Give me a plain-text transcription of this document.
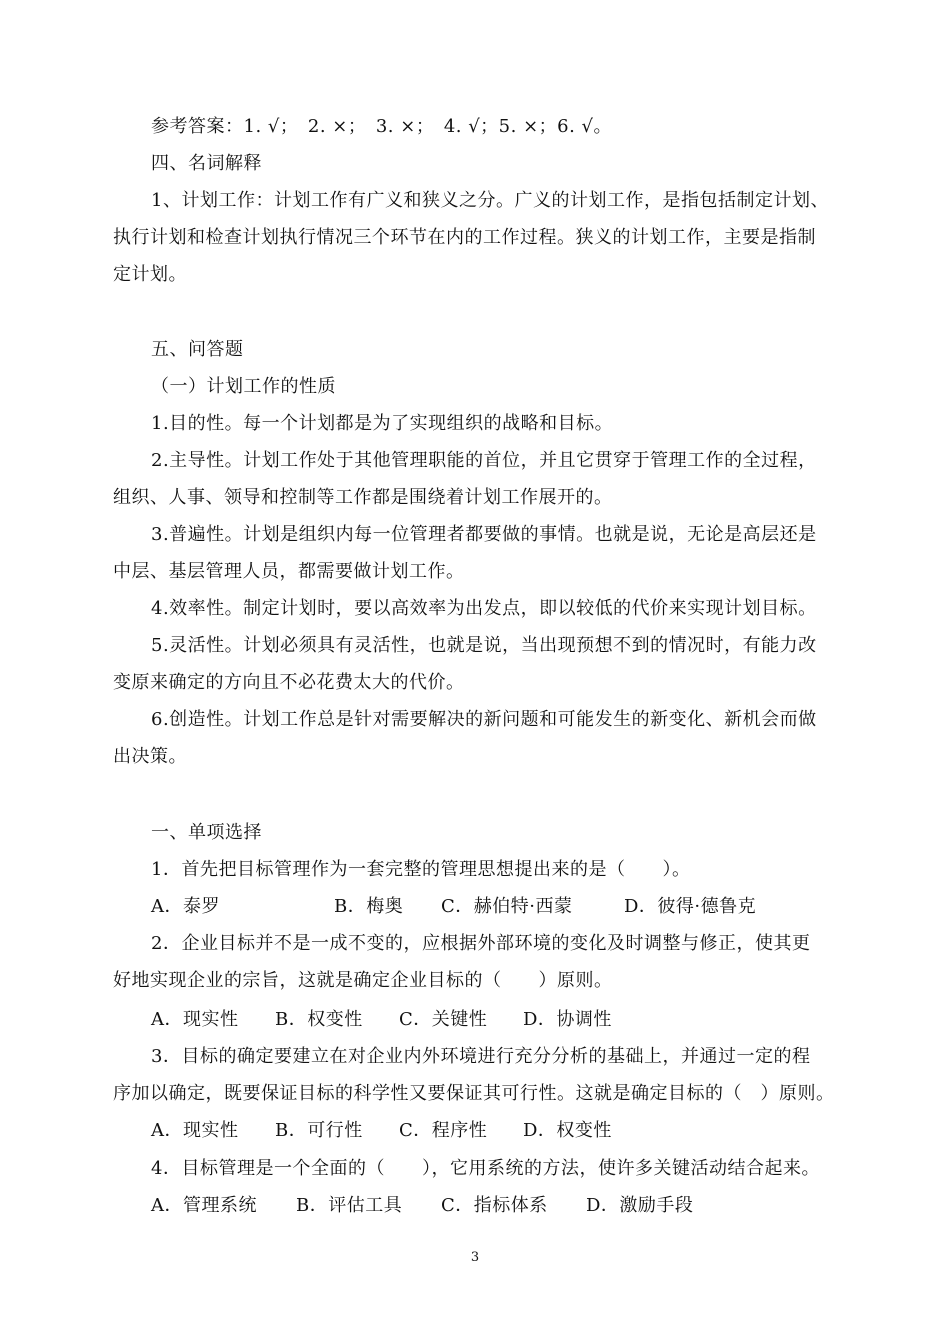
参考答案：1. √；　2. ×；　3. ×；　4. √；5. ×；6. √。
四、名词解释
1、计划工作：计划工作有广义和狭义之分。广义的计划工作，是指包括制定计划、
执行计划和检查计划执行情况三个环节在内的工作过程。狭义的计划工作，主要是指制
定计划。
五、问答题
（一）计划工作的性质
1.目的性。每一个计划都是为了实现组织的战略和目标。
2.主导性。计划工作处于其他管理职能的首位，并且它贯穿于管理工作的全过程，
组织、人事、领导和控制等工作都是围绕着计划工作展开的。
3.普遍性。计划是组织内每一位管理者都要做的事情。也就是说，无论是高层还是
中层、基层管理人员，都需要做计划工作。
4.效率性。制定计划时，要以高效率为出发点，即以较低的代价来实现计划目标。
5.灵活性。计划必须具有灵活性，也就是说，当出现预想不到的情况时，有能力改
变原来确定的方向且不必花费太大的代价。
6.创造性。计划工作总是针对需要解决的新问题和可能发生的新变化、新机会而做
出决策。
一、单项选择
1．首先把目标管理作为一套完整的管理思想提出来的是（　　）。
A．泰罗	B．梅奥 C．赫伯特·西蒙	D．彼得·德鲁克
2．企业目标并不是一成不变的，应根据外部环境的变化及时调整与修正，使其更
好地实现企业的宗旨，这就是确定企业目标的（　　）原则。
A．现实性 B．权变性 C．关键性 D．协调性
3．目标的确定要建立在对企业内外环境进行充分分析的基础上，并通过一定的程
序加以确定，既要保证目标的科学性又要保证其可行性。这就是确定目标的（　）原则。
A．现实性 B．可行性 C．程序性 D．权变性
4．目标管理是一个全面的（　　），它用系统的方法，使许多关键活动结合起来。
A．管理系统 B．评估工具 C．指标体系 D．激励手段
3
